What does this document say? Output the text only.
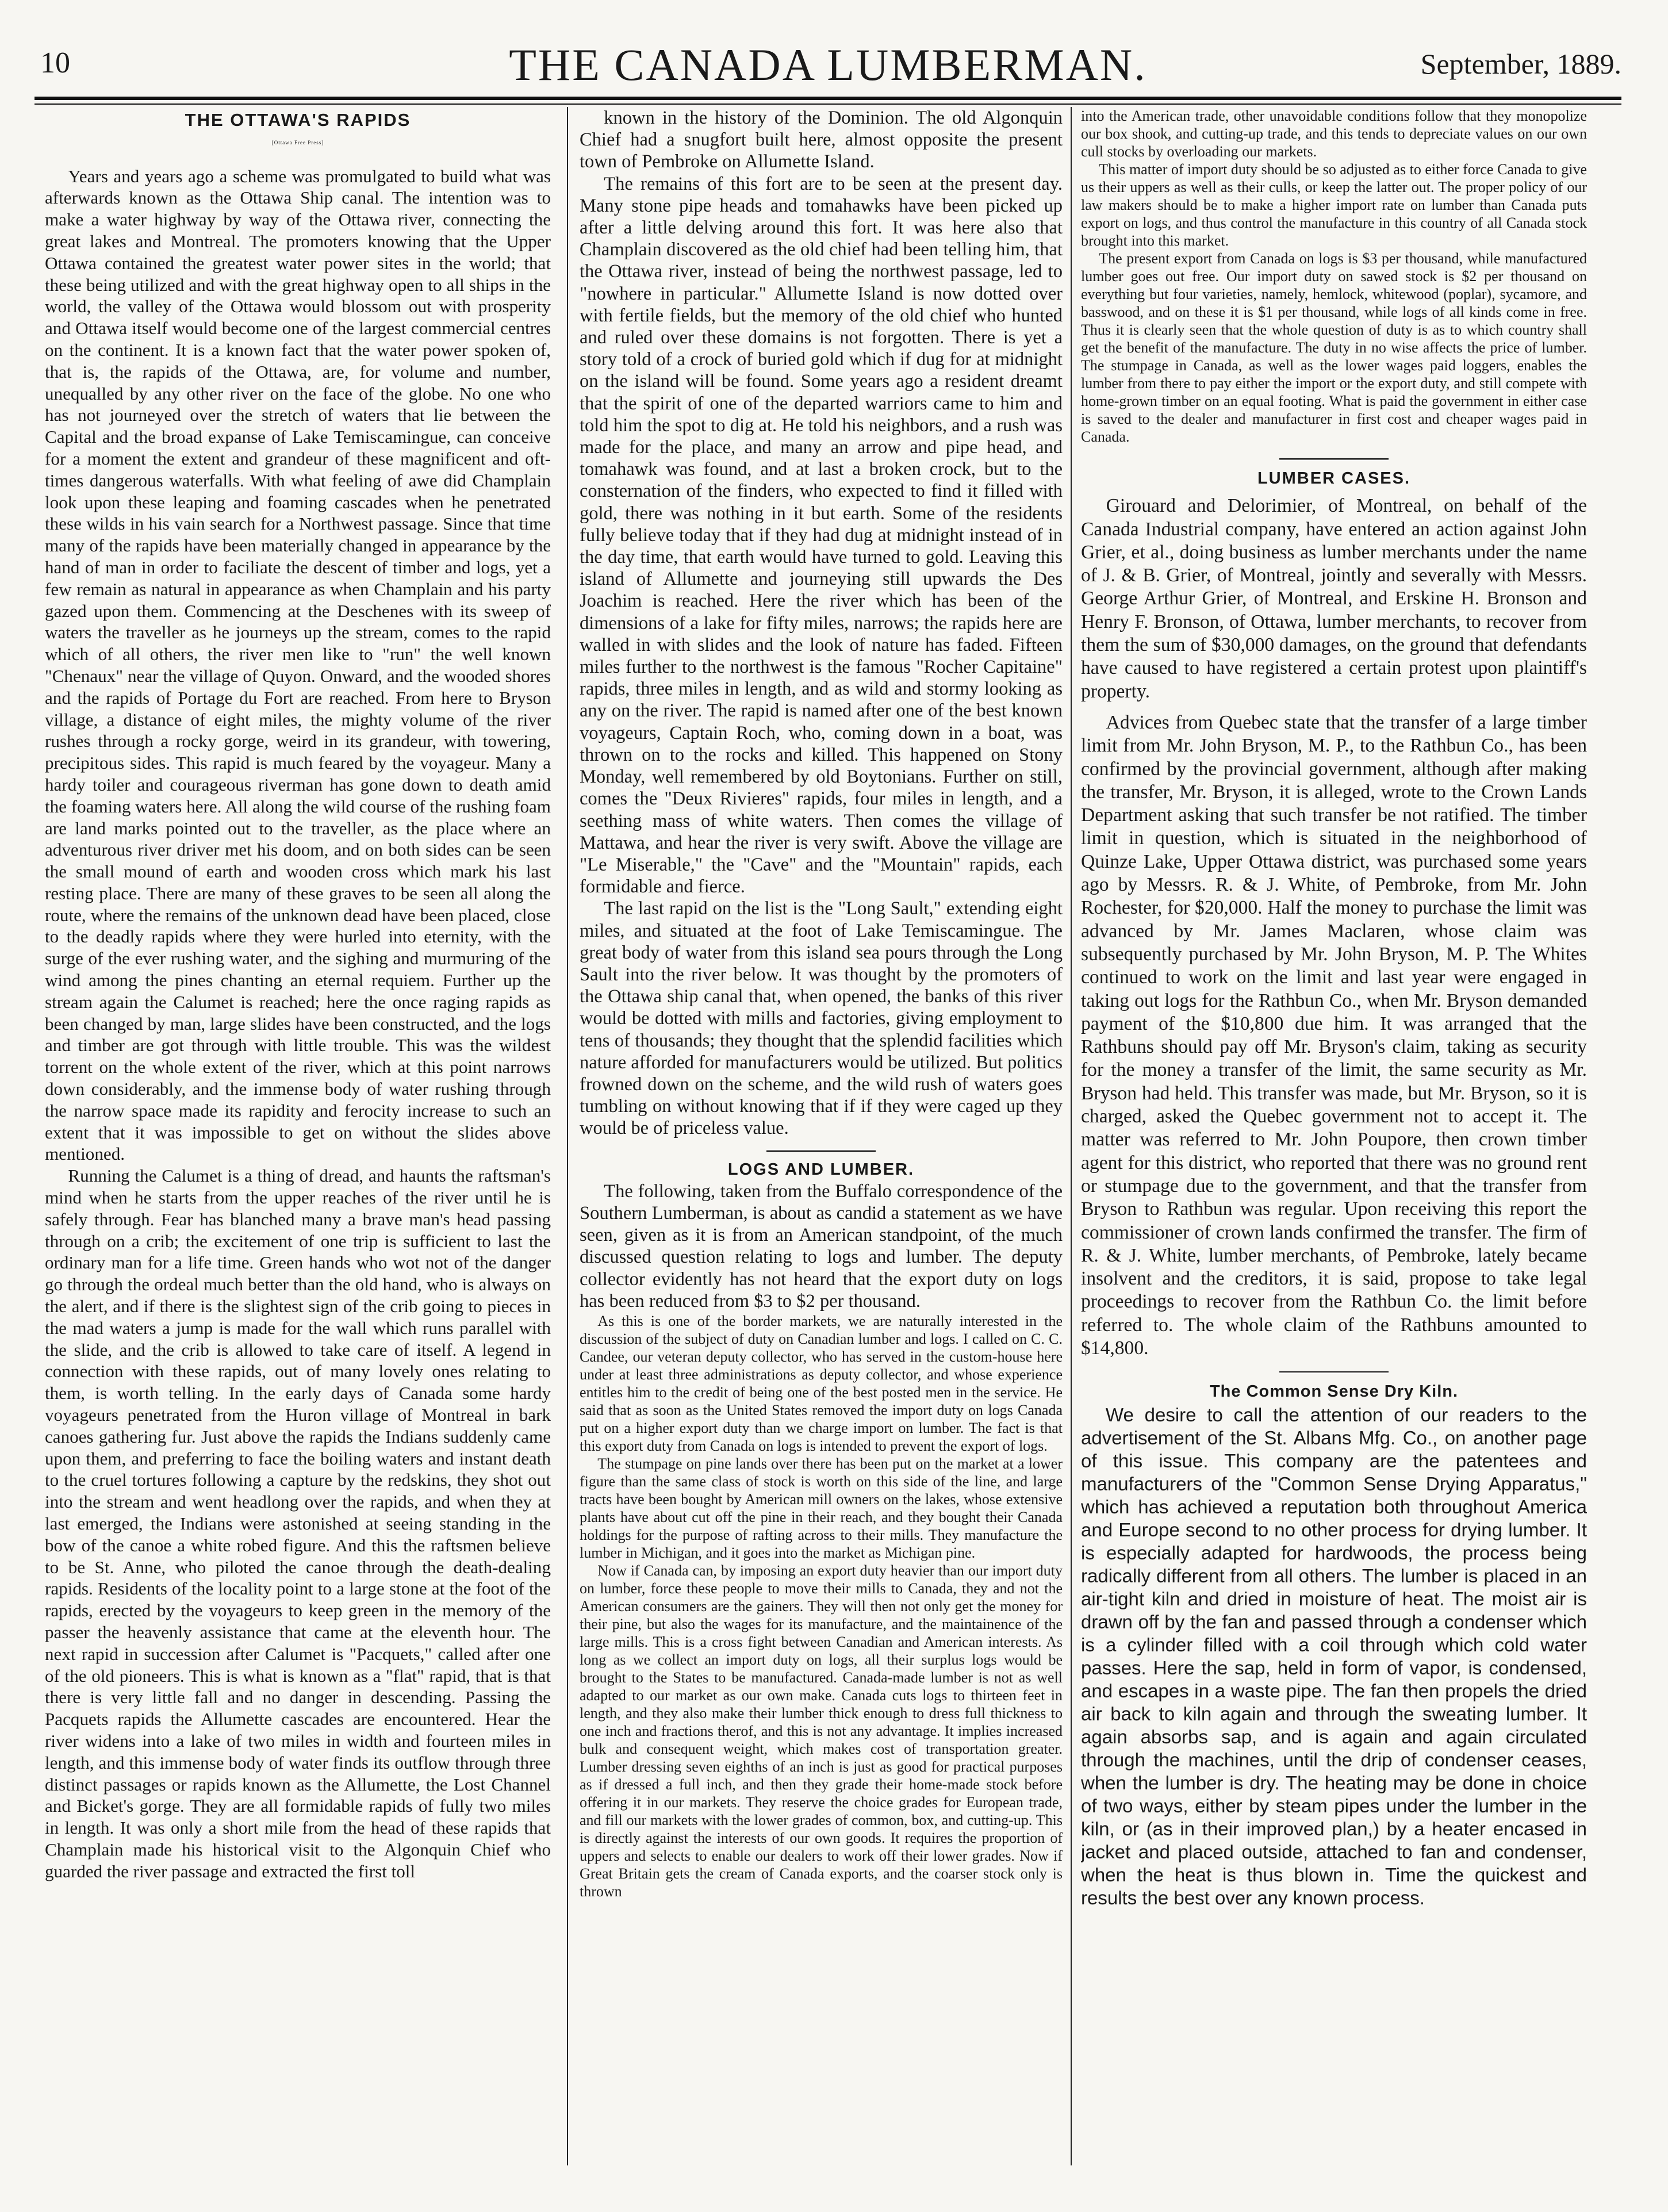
10	THE CANADA LUMBERMAN.	September, 1889.
THE OTTAWA'S RAPIDS
[Ottawa Free Press]

Years and years ago a scheme was promulgated to build what was afterwards known as the Ottawa Ship canal. The intention was to make a water highway by way of the Ottawa river, connecting the great lakes and Montreal. The promoters knowing that the Upper Ottawa contained the greatest water power sites in the world; that these being utilized and with the great highway open to all ships in the world, the valley of the Ottawa would blossom out with prosperity and Ottawa itself would become one of the largest commercial centres on the continent. It is a known fact that the water power spoken of, that is, the rapids of the Ottawa, are, for volume and number, unequalled by any other river on the face of the globe. No one who has not journeyed over the stretch of waters that lie between the Capital and the broad expanse of Lake Temiscamingue, can conceive for a moment the extent and grandeur of these magnificent and oft-times dangerous waterfalls. With what feeling of awe did Champlain look upon these leaping and foaming cascades when he penetrated these wilds in his vain search for a Northwest passage. Since that time many of the rapids have been materially changed in appearance by the hand of man in order to faciliate the descent of timber and logs, yet a few remain as natural in appearance as when Champlain and his party gazed upon them. Commencing at the Deschenes with its sweep of waters the traveller as he journeys up the stream, comes to the rapid which of all others, the river men like to "run" the well known "Chenaux" near the village of Quyon. Onward, and the wooded shores and the rapids of Portage du Fort are reached. From here to Bryson village, a distance of eight miles, the mighty volume of the river rushes through a rocky gorge, weird in its grandeur, with towering, precipitous sides. This rapid is much feared by the voyageur. Many a hardy toiler and courageous riverman has gone down to death amid the foaming waters here. All along the wild course of the rushing foam are land marks pointed out to the traveller, as the place where an adventurous river driver met his doom, and on both sides can be seen the small mound of earth and wooden cross which mark his last resting place. There are many of these graves to be seen all along the route, where the remains of the unknown dead have been placed, close to the deadly rapids where they were hurled into eternity, with the surge of the ever rushing water, and the sighing and murmuring of the wind among the pines chanting an eternal requiem. Further up the stream again the Calumet is reached; here the once raging rapids as been changed by man, large slides have been constructed, and the logs and timber are got through with little trouble. This was the wildest torrent on the whole extent of the river, which at this point narrows down considerably, and the immense body of water rushing through the narrow space made its rapidity and ferocity increase to such an extent that it was impossible to get on without the slides above mentioned.

Running the Calumet is a thing of dread, and haunts the raftsman's mind when he starts from the upper reaches of the river until he is safely through. Fear has blanched many a brave man's head passing through on a crib; the excitement of one trip is sufficient to last the ordinary man for a life time. Green hands who wot not of the danger go through the ordeal much better than the old hand, who is always on the alert, and if there is the slightest sign of the crib going to pieces in the mad waters a jump is made for the wall which runs parallel with the slide, and the crib is allowed to take care of itself. A legend in connection with these rapids, out of many lovely ones relating to them, is worth telling. In the early days of Canada some hardy voyageurs penetrated from the Huron village of Montreal in bark canoes gathering fur. Just above the rapids the Indians suddenly came upon them, and preferring to face the boiling waters and instant death to the cruel tortures following a capture by the redskins, they shot out into the stream and went headlong over the rapids, and when they at last emerged, the Indians were astonished at seeing standing in the bow of the canoe a white robed figure. And this the raftsmen believe to be St. Anne, who piloted the canoe through the death-dealing rapids. Residents of the locality point to a large stone at the foot of the rapids, erected by the voyageurs to keep green in the memory of the passer the heavenly assistance that came at the eleventh hour. The next rapid in succession after Calumet is "Pacquets," called after one of the old pioneers. This is what is known as a "flat" rapid, that is that there is very little fall and no danger in descending. Passing the Pacquets rapids the Allumette cascades are encountered. Hear the river widens into a lake of two miles in width and fourteen miles in length, and this immense body of water finds its outflow through three distinct passages or rapids known as the Allumette, the Lost Channel and Bicket's gorge. They are all formidable rapids of fully two miles in length. It was only a short mile from the head of these rapids that Champlain made his historical visit to the Algonquin Chief who guarded the river passage and extracted the first toll

known in the history of the Dominion. The old Algonquin Chief had a snugfort built here, almost opposite the present town of Pembroke on Allumette Island.

The remains of this fort are to be seen at the present day. Many stone pipe heads and tomahawks have been picked up after a little delving around this fort. It was here also that Champlain discovered as the old chief had been telling him, that the Ottawa river, instead of being the northwest passage, led to "nowhere in particular." Allumette Island is now dotted over with fertile fields, but the memory of the old chief who hunted and ruled over these domains is not forgotten. There is yet a story told of a crock of buried gold which if dug for at midnight on the island will be found. Some years ago a resident dreamt that the spirit of one of the departed warriors came to him and told him the spot to dig at. He told his neighbors, and a rush was made for the place, and many an arrow and pipe head, and tomahawk was found, and at last a broken crock, but to the consternation of the finders, who expected to find it filled with gold, there was nothing in it but earth. Some of the residents fully believe today that if they had dug at midnight instead of in the day time, that earth would have turned to gold. Leaving this island of Allumette and journeying still upwards the Des Joachim is reached. Here the river which has been of the dimensions of a lake for fifty miles, narrows; the rapids here are walled in with slides and the look of nature has faded. Fifteen miles further to the northwest is the famous "Rocher Capitaine" rapids, three miles in length, and as wild and stormy looking as any on the river. The rapid is named after one of the best known voyageurs, Captain Roch, who, coming down in a boat, was thrown on to the rocks and killed. This happened on Stony Monday, well remembered by old Boytonians. Further on still, comes the "Deux Rivieres" rapids, four miles in length, and a seething mass of white waters. Then comes the village of Mattawa, and hear the river is very swift. Above the village are "Le Miserable," the "Cave" and the "Mountain" rapids, each formidable and fierce.

The last rapid on the list is the "Long Sault," extending eight miles, and situated at the foot of Lake Temiscamingue. The great body of water from this island sea pours through the Long Sault into the river below. It was thought by the promoters of the Ottawa ship canal that, when opened, the banks of this river would be dotted with mills and factories, giving employment to tens of thousands; they thought that the splendid facilities which nature afforded for manufacturers would be utilized. But politics frowned down on the scheme, and the wild rush of waters goes tumbling on without knowing that if if they were caged up they would be of priceless value.

LOGS AND LUMBER.

The following, taken from the Buffalo correspondence of the Southern Lumberman, is about as candid a statement as we have seen, given as it is from an American standpoint, of the much discussed question relating to logs and lumber. The deputy collector evidently has not heard that the export duty on logs has been reduced from $3 to $2 per thousand.

As this is one of the border markets, we are naturally interested in the discussion of the subject of duty on Canadian lumber and logs. I called on C. C. Candee, our veteran deputy collector, who has served in the custom-house here under at least three administrations as deputy collector, and whose experience entitles him to the credit of being one of the best posted men in the service. He said that as soon as the United States removed the import duty on logs Canada put on a higher export duty than we charge import on lumber. The fact is that this export duty from Canada on logs is intended to prevent the export of logs.

The stumpage on pine lands over there has been put on the market at a lower figure than the same class of stock is worth on this side of the line, and large tracts have been bought by American mill owners on the lakes, whose extensive plants have about cut off the pine in their reach, and they bought their Canada holdings for the purpose of rafting across to their mills. They manufacture the lumber in Michigan, and it goes into the market as Michigan pine.

Now if Canada can, by imposing an export duty heavier than our import duty on lumber, force these people to move their mills to Canada, they and not the American consumers are the gainers. They will then not only get the money for their pine, but also the wages for its manufacture, and the maintainence of the large mills. This is a cross fight between Canadian and American interests. As long as we collect an import duty on logs, all their surplus logs would be brought to the States to be manufactured. Canada-made lumber is not as well adapted to our market as our own make. Canada cuts logs to thirteen feet in length, and they also make their lumber thick enough to dress full thickness to one inch and fractions therof, and this is not any advantage. It implies increased bulk and consequent weight, which makes cost of transportation greater. Lumber dressing seven eighths of an inch is just as good for practical purposes as if dressed a full inch, and then they grade their home-made stock before offering it in our markets. They reserve the choice grades for European trade, and fill our markets with the lower grades of common, box, and cutting-up. This is directly against the interests of our own goods. It requires the proportion of uppers and selects to enable our dealers to work off their lower grades. Now if Great Britain gets the cream of Canada exports, and the coarser stock only is thrown

into the American trade, other unavoidable conditions follow that they monopolize our box shook, and cutting-up trade, and this tends to depreciate values on our own cull stocks by overloading our markets.

This matter of import duty should be so adjusted as to either force Canada to give us their uppers as well as their culls, or keep the latter out. The proper policy of our law makers should be to make a higher import rate on lumber than Canada puts export on logs, and thus control the manufacture in this country of all Canada stock brought into this market.

The present export from Canada on logs is $3 per thousand, while manufactured lumber goes out free. Our import duty on sawed stock is $2 per thousand on everything but four varieties, namely, hemlock, whitewood (poplar), sycamore, and basswood, and on these it is $1 per thousand, while logs of all kinds come in free. Thus it is clearly seen that the whole question of duty is as to which country shall get the benefit of the manufacture. The duty in no wise affects the price of lumber. The stumpage in Canada, as well as the lower wages paid loggers, enables the lumber from there to pay either the import or the export duty, and still compete with home-grown timber on an equal footing. What is paid the government in either case is saved to the dealer and manufacturer in first cost and cheaper wages paid in Canada.

LUMBER CASES.

Girouard and Delorimier, of Montreal, on behalf of the Canada Industrial company, have entered an action against John Grier, et al., doing business as lumber merchants under the name of J. & B. Grier, of Montreal, jointly and severally with Messrs. George Arthur Grier, of Montreal, and Erskine H. Bronson and Henry F. Bronson, of Ottawa, lumber merchants, to recover from them the sum of $30,000 damages, on the ground that defendants have caused to have registered a certain protest upon plaintiff's property.

Advices from Quebec state that the transfer of a large timber limit from Mr. John Bryson, M. P., to the Rathbun Co., has been confirmed by the provincial government, although after making the transfer, Mr. Bryson, it is alleged, wrote to the Crown Lands Department asking that such transfer be not ratified. The timber limit in question, which is situated in the neighborhood of Quinze Lake, Upper Ottawa district, was purchased some years ago by Messrs. R. & J. White, of Pembroke, from Mr. John Rochester, for $20,000. Half the money to purchase the limit was advanced by Mr. James Maclaren, whose claim was subsequently purchased by Mr. John Bryson, M. P. The Whites continued to work on the limit and last year were engaged in taking out logs for the Rathbun Co., when Mr. Bryson demanded payment of the $10,800 due him. It was arranged that the Rathbuns should pay off Mr. Bryson's claim, taking as security for the money a transfer of the limit, the same security as Mr. Bryson had held. This transfer was made, but Mr. Bryson, so it is charged, asked the Quebec government not to accept it. The matter was referred to Mr. John Poupore, then crown timber agent for this district, who reported that there was no ground rent or stumpage due to the government, and that the transfer from Bryson to Rathbun was regular. Upon receiving this report the commissioner of crown lands confirmed the transfer. The firm of R. & J. White, lumber merchants, of Pembroke, lately became insolvent and the creditors, it is said, propose to take legal proceedings to recover from the Rathbun Co. the limit before referred to. The whole claim of the Rathbuns amounted to $14,800.

The Common Sense Dry Kiln.

We desire to call the attention of our readers to the advertisement of the St. Albans Mfg. Co., on another page of this issue. This company are the patentees and manufacturers of the "Common Sense Drying Apparatus," which has achieved a reputation both throughout America and Europe second to no other process for drying lumber. It is especially adapted for hardwoods, the process being radically different from all others. The lumber is placed in an air-tight kiln and dried in moisture of heat. The moist air is drawn off by the fan and passed through a condenser which is a cylinder filled with a coil through which cold water passes. Here the sap, held in form of vapor, is condensed, and escapes in a waste pipe. The fan then propels the dried air back to kiln again and through the sweating lumber. It again absorbs sap, and is again and again circulated through the machines, until the drip of condenser ceases, when the lumber is dry. The heating may be done in choice of two ways, either by steam pipes under the lumber in the kiln, or (as in their improved plan,) by a heater encased in jacket and placed outside, attached to fan and condenser, when the heat is thus blown in. Time the quickest and results the best over any known process.
